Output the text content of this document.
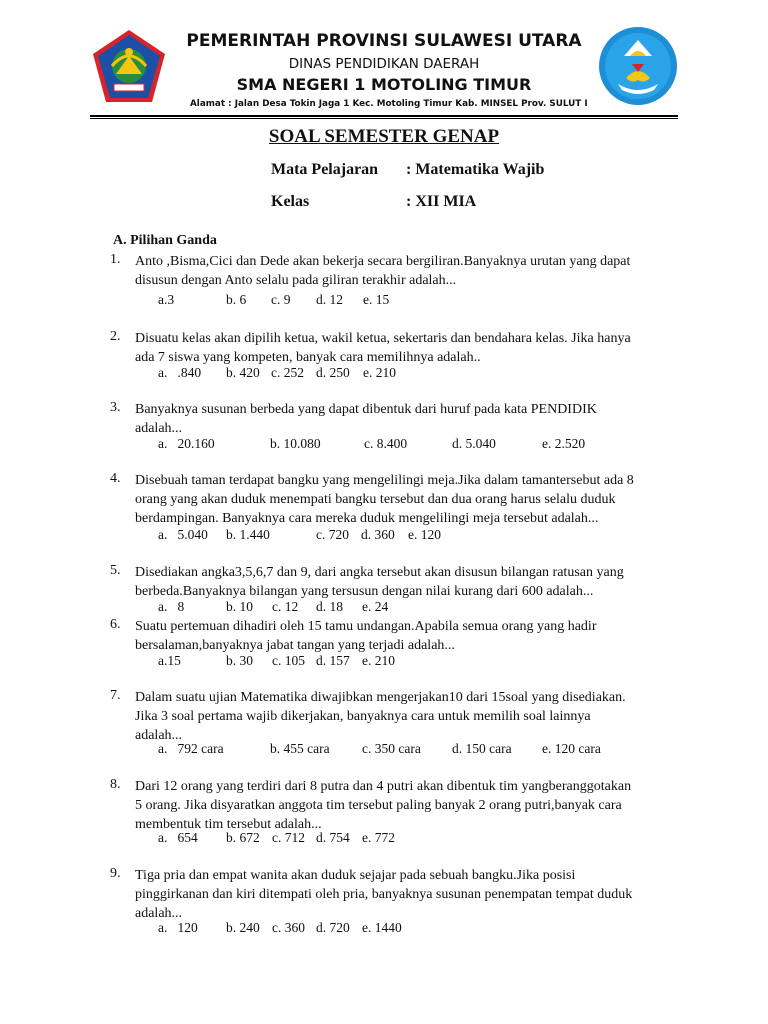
PEMERINTAH PROVINSI SULAWESI UTARA
DINAS PENDIDIKAN DAERAH
SMA NEGERI 1 MOTOLING TIMUR
Alamat : Jalan Desa Tokin Jaga 1 Kec. Motoling Timur Kab. MINSEL Prov. SULUT I
SOAL SEMESTER GENAP
Mata Pelajaran : Matematika Wajib
Kelas	: XII MIA
A. Pilihan Ganda
1.	Anto ,Bisma,Cici dan Dede akan bekerja secara bergiliran.Banyaknya urutan yang dapat
disusun dengan Anto selalu pada giliran terakhir adalah...
a.3	b. 6 c. 9 d. 12 e. 15
2.	Disuatu kelas akan dipilih ketua, wakil ketua, sekertaris dan bendahara kelas. Jika hanya
ada 7 siswa yang kompeten, banyak cara memilihnya adalah..
a.   .840 b. 420 c. 252 d. 250 e. 210
3.	Banyaknya susunan berbeda yang dapat dibentuk dari huruf pada kata PENDIDIK
adalah...
a.   20.160	b. 10.080	c. 8.400	d. 5.040	e. 2.520
4.	Disebuah taman terdapat bangku yang mengelilingi meja.Jika dalam tamantersebut ada 8
orang yang akan duduk menempati bangku tersebut dan dua orang harus selalu duduk
berdampingan. Banyaknya cara mereka duduk mengelilingi meja tersebut adalah...
a.   5.040 b. 1.440	c. 720 d. 360 e. 120
5.	Disediakan angka3,5,6,7 dan 9, dari angka tersebut akan disusun bilangan ratusan yang
berbeda.Banyaknya bilangan yang tersusun dengan nilai kurang dari 600 adalah...
a.   8	b. 10 c. 12 d. 18 e. 24
6.	Suatu pertemuan dihadiri oleh 15 tamu undangan.Apabila semua orang yang hadir
bersalaman,banyaknya jabat tangan yang terjadi adalah...
a.15	b. 30 c. 105 d. 157 e. 210
7.	Dalam suatu ujian Matematika diwajibkan mengerjakan10 dari 15soal yang disediakan.
Jika 3 soal pertama wajib dikerjakan, banyaknya cara untuk memilih soal lainnya
adalah...
a.   792 cara	b. 455 cara c. 350 cara d. 150 cara e. 120 cara
8.	Dari 12 orang yang terdiri dari 8 putra dan 4 putri akan dibentuk tim yangberanggotakan
5 orang. Jika disyaratkan anggota tim tersebut paling banyak 2 orang putri,banyak cara
membentuk tim tersebut adalah...
a.   654 b. 672 c. 712 d. 754 e. 772
9.	Tiga pria dan empat wanita akan duduk sejajar pada sebuah bangku.Jika posisi
pinggirkanan dan kiri ditempati oleh pria, banyaknya susunan penempatan tempat duduk
adalah...
a.   120 b. 240 c. 360 d. 720 e. 1440
